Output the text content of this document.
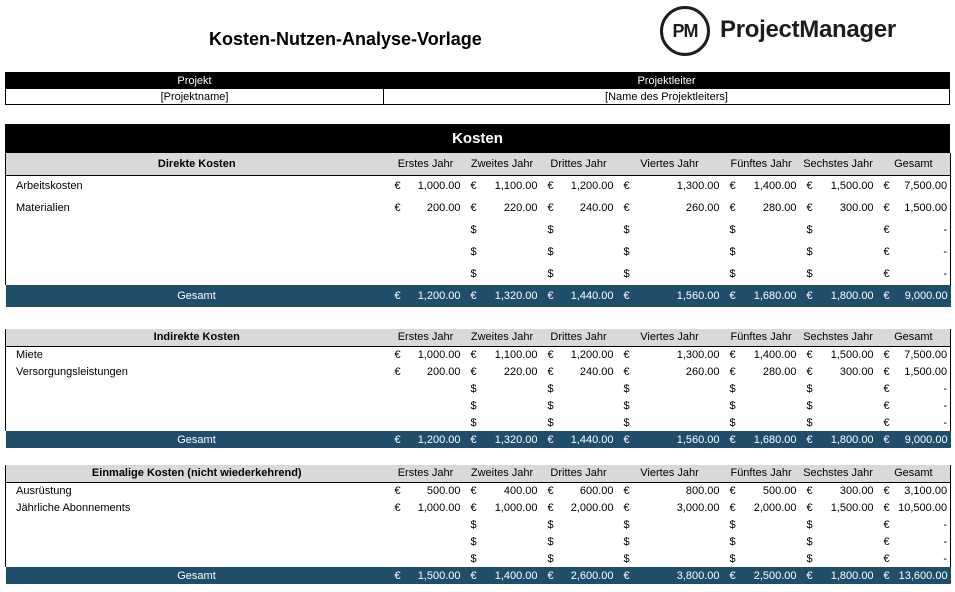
Kosten-Nutzen-Analyse-Vorlage	PM ProjectManager
Projekt	Projektleiter
[Projektname]	[Name des Projektleiters]
Kosten
Direkte Kosten	Erstes Jahr		Zweites Jahr		Drittes Jahr		Viertes Jahr		Fünftes Jahr		Sechstes Jahr		Gesamt	
Arbeitskosten	€	1,000.00	€	1,100.00	€	1,200.00	€	1,300.00	€	1,400.00	€	1,500.00	€	7,500.00
Materialien	€	200.00	€	220.00	€	240.00	€	260.00	€	280.00	€	300.00	€	1,500.00
			$		$		$		$		$		€	-
			$		$		$		$		$		€	-
			$		$		$		$		$		€	-
Gesamt	€	1,200.00	€	1,320.00	€	1,440.00	€	1,560.00	€	1,680.00	€	1,800.00	€	9,000.00
Indirekte Kosten	Erstes Jahr		Zweites Jahr		Drittes Jahr		Viertes Jahr		Fünftes Jahr		Sechstes Jahr		Gesamt	
Miete	€	1,000.00	€	1,100.00	€	1,200.00	€	1,300.00	€	1,400.00	€	1,500.00	€	7,500.00
Versorgungsleistungen	€	200.00	€	220.00	€	240.00	€	260.00	€	280.00	€	300.00	€	1,500.00
			$		$		$		$		$		€	-
			$		$		$		$		$		€	-
			$		$		$		$		$		€	-
Gesamt	€	1,200.00	€	1,320.00	€	1,440.00	€	1,560.00	€	1,680.00	€	1,800.00	€	9,000.00
Einmalige Kosten (nicht wiederkehrend)	Erstes Jahr		Zweites Jahr		Drittes Jahr		Viertes Jahr		Fünftes Jahr		Sechstes Jahr		Gesamt	
Ausrüstung	€	500.00	€	400.00	€	600.00	€	800.00	€	500.00	€	300.00	€	3,100.00
Jährliche Abonnements	€	1,000.00	€	1,000.00	€	2,000.00	€	3,000.00	€	2,000.00	€	1,500.00	€	10,500.00
			$		$		$		$		$		€	-
			$		$		$		$		$		€	-
			$		$		$		$		$		€	-
Gesamt	€	1,500.00	€	1,400.00	€	2,600.00	€	3,800.00	€	2,500.00	€	1,800.00	€	13,600.00
